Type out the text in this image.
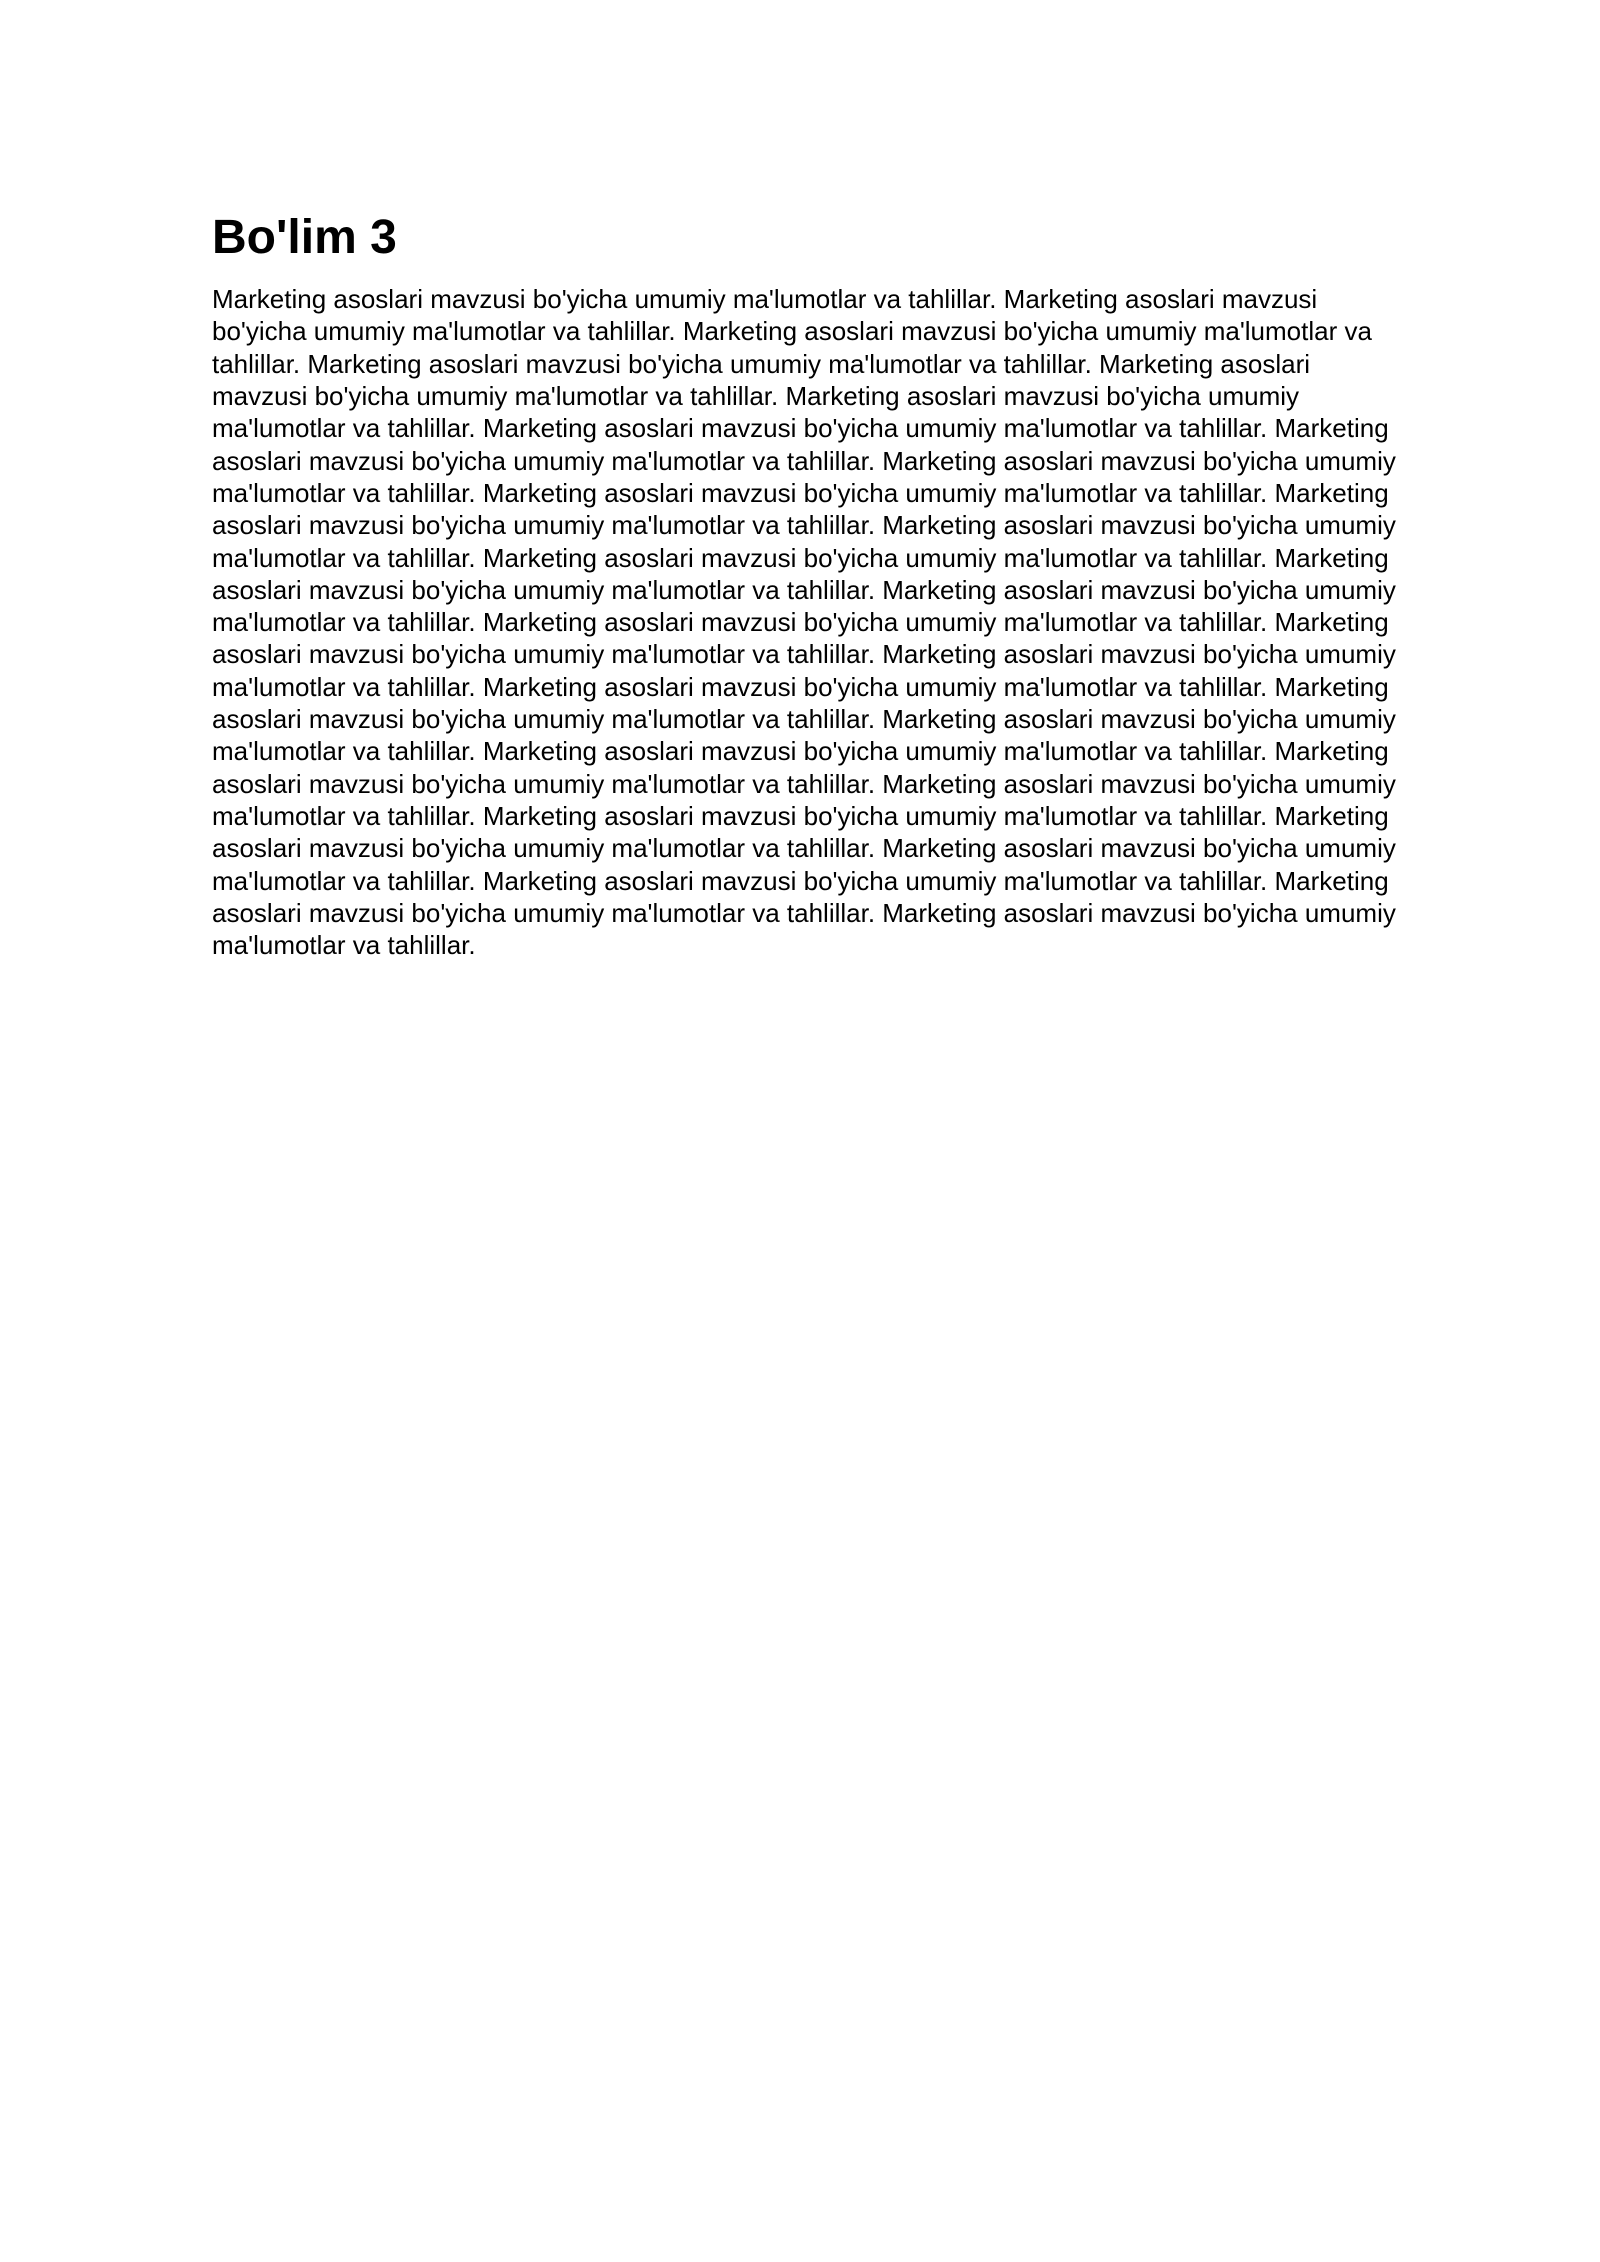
Bo'lim 3

Marketing asoslari mavzusi bo'yicha umumiy ma'lumotlar va tahlillar. Marketing asoslari mavzusi bo'yicha umumiy ma'lumotlar va tahlillar. Marketing asoslari mavzusi bo'yicha umumiy ma'lumotlar va tahlillar. Marketing asoslari mavzusi bo'yicha umumiy ma'lumotlar va tahlillar. Marketing asoslari mavzusi bo'yicha umumiy ma'lumotlar va tahlillar. Marketing asoslari mavzusi bo'yicha umumiy ma'lumotlar va tahlillar. Marketing asoslari mavzusi bo'yicha umumiy ma'lumotlar va tahlillar. Marketing asoslari mavzusi bo'yicha umumiy ma'lumotlar va tahlillar. Marketing asoslari mavzusi bo'yicha umumiy ma'lumotlar va tahlillar. Marketing asoslari mavzusi bo'yicha umumiy ma'lumotlar va tahlillar. Marketing asoslari mavzusi bo'yicha umumiy ma'lumotlar va tahlillar. Marketing asoslari mavzusi bo'yicha umumiy ma'lumotlar va tahlillar. Marketing asoslari mavzusi bo'yicha umumiy ma'lumotlar va tahlillar. Marketing asoslari mavzusi bo'yicha umumiy ma'lumotlar va tahlillar. Marketing asoslari mavzusi bo'yicha umumiy ma'lumotlar va tahlillar. Marketing asoslari mavzusi bo'yicha umumiy ma'lumotlar va tahlillar. Marketing asoslari mavzusi bo'yicha umumiy ma'lumotlar va tahlillar. Marketing asoslari mavzusi bo'yicha umumiy ma'lumotlar va tahlillar. Marketing asoslari mavzusi bo'yicha umumiy ma'lumotlar va tahlillar. Marketing asoslari mavzusi bo'yicha umumiy ma'lumotlar va tahlillar. Marketing asoslari mavzusi bo'yicha umumiy ma'lumotlar va tahlillar. Marketing asoslari mavzusi bo'yicha umumiy ma'lumotlar va tahlillar. Marketing asoslari mavzusi bo'yicha umumiy ma'lumotlar va tahlillar. Marketing asoslari mavzusi bo'yicha umumiy ma'lumotlar va tahlillar. Marketing asoslari mavzusi bo'yicha umumiy ma'lumotlar va tahlillar. Marketing asoslari mavzusi bo'yicha umumiy ma'lumotlar va tahlillar. Marketing asoslari mavzusi bo'yicha umumiy ma'lumotlar va tahlillar. Marketing asoslari mavzusi bo'yicha umumiy ma'lumotlar va tahlillar. Marketing asoslari mavzusi bo'yicha umumiy ma'lumotlar va tahlillar. Marketing asoslari mavzusi bo'yicha umumiy ma'lumotlar va tahlillar.
